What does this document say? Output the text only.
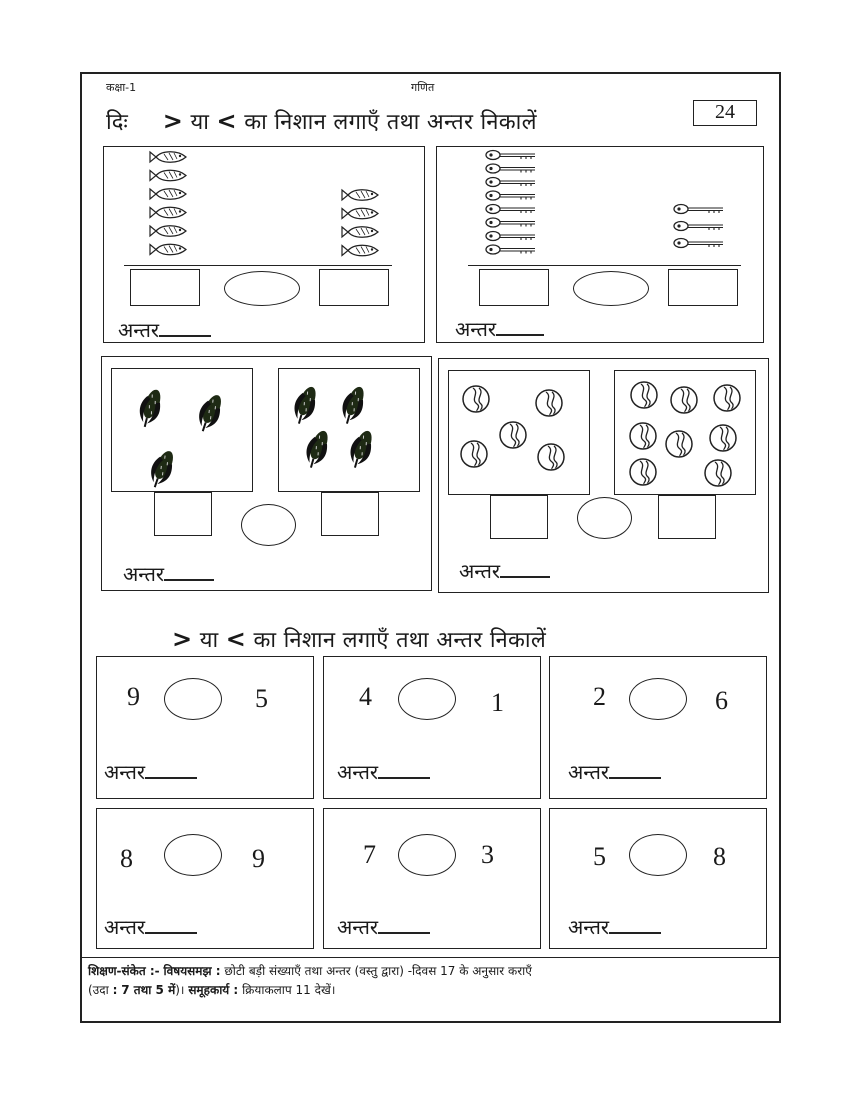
कक्षा-1	गणित
दिः > या < का निशान लगाएँ तथा अन्तर निकालें	24
अन्तर	अन्तर
अन्तर	अन्तर
> या < का निशान लगाएँ तथा अन्तर निकालें
9	5
अन्तर
4	1
अन्तर
2	6
अन्तर
8	9
अन्तर
7	3
अन्तर
5	8
अन्तर
शिक्षण-संकेत :- विषयसमझ : छोटी बड़ी संख्याएँ तथा अन्तर (वस्तु द्वारा) -दिवस 17 के अनुसार कराएँ
(उदा : 7 तथा 5 में)। समूहकार्य : क्रियाकलाप 11 देखें।
